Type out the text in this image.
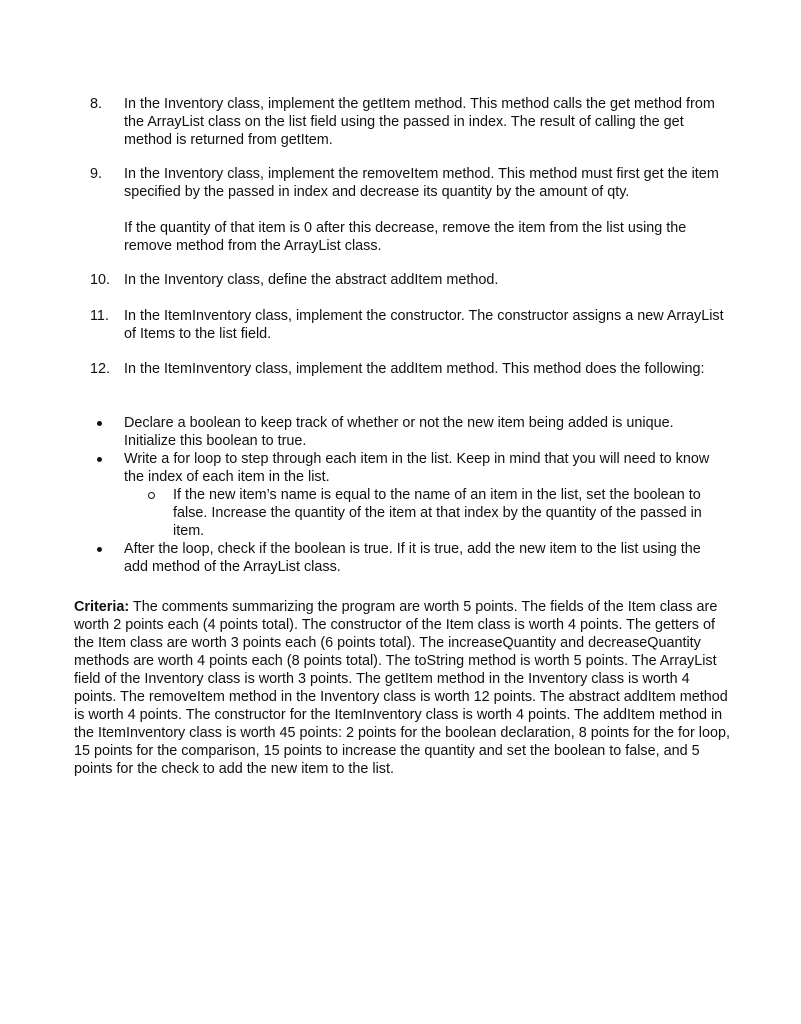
8.	In the Inventory class, implement the getItem method. This method calls the get method from the ArrayList class on the list field using the passed in index. The result of calling the get method is returned from getItem.

9.	In the Inventory class, implement the removeItem method. This method must first get the item specified by the passed in index and decrease its quantity by the amount of qty.

If the quantity of that item is 0 after this decrease, remove the item from the list using the remove method from the ArrayList class.

10. In the Inventory class, define the abstract addItem method.

11.	In the ItemInventory class, implement the constructor. The constructor assigns a new ArrayList of Items to the list field.

12. In the ItemInventory class, implement the addItem method. This method does the following:

Declare a boolean to keep track of whether or not the new item being added is unique. Initialize this boolean to true.
Write a for loop to step through each item in the list. Keep in mind that you will need to know the index of each item in the list.
If the new item’s name is equal to the name of an item in the list, set the boolean to false. Increase the quantity of the item at that index by the quantity of the passed in item.
After the loop, check if the boolean is true. If it is true, add the new item to the list using the add method of the ArrayList class.
Criteria: The comments summarizing the program are worth 5 points. The fields of the Item class are worth 2 points each (4 points total). The constructor of the Item class is worth 4 points. The getters of the Item class are worth 3 points each (6 points total). The increaseQuantity and decreaseQuantity methods are worth 4 points each (8 points total). The toString method is worth 5 points. The ArrayList field of the Inventory class is worth 3 points. The getItem method in the Inventory class is worth 4 points. The removeItem method in the Inventory class is worth 12 points. The abstract addItem method is worth 4 points. The constructor for the ItemInventory class is worth 4 points. The addItem method in the ItemInventory class is worth 45 points: 2 points for the boolean declaration, 8 points for the for loop, 15 points for the comparison, 15 points to increase the quantity and set the boolean to false, and 5 points for the check to add the new item to the list.
